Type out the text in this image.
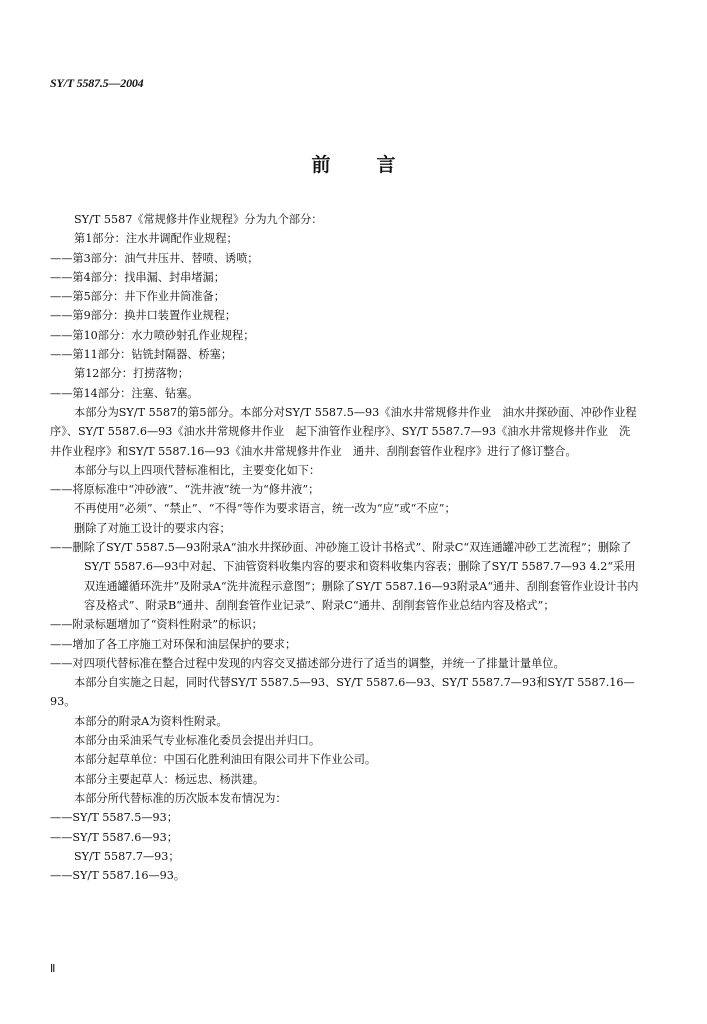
SY/T 5587.5—2004
前言

SY/T 5587《常规修井作业规程》分为九个部分：

第1部分：注水井调配作业规程；

——第3部分：油气井压井、替喷、诱喷；

——第4部分：找串漏、封串堵漏；

——第5部分：井下作业井筒准备；

——第9部分：换井口装置作业规程；

——第10部分：水力喷砂射孔作业规程；

——第11部分：钻铣封隔器、桥塞；

第12部分：打捞落物；

——第14部分：注塞、钻塞。

本部分为SY/T 5587的第5部分。本部分对SY/T 5587.5—93《油水井常规修井作业　油水井探砂面、冲砂作业程序》、SY/T 5587.6—93《油水井常规修井作业　起下油管作业程序》、SY/T 5587.7—93《油水井常规修井作业　洗井作业程序》和SY/T 5587.16—93《油水井常规修井作业　通井、刮削套管作业程序》进行了修订整合。

本部分与以上四项代替标准相比，主要变化如下：

——将原标准中“冲砂液”、“洗井液”统一为“修井液”；

不再使用“必须”、“禁止”、“不得”等作为要求语言，统一改为“应”或“不应”；

删除了对施工设计的要求内容；

——删除了SY/T 5587.5—93附录A“油水井探砂面、冲砂施工设计书格式”、附录C“双连通罐冲砂工艺流程”；删除了SY/T 5587.6—93中对起、下油管资料收集内容的要求和资料收集内容表；删除了SY/T 5587.7—93 4.2“采用双连通罐循环洗井”及附录A“洗井流程示意图”；删除了SY/T 5587.16—93附录A“通井、刮削套管作业设计书内容及格式”、附录B“通井、刮削套管作业记录”、附录C“通井、刮削套管作业总结内容及格式”；

——附录标题增加了“资料性附录”的标识；

——增加了各工序施工对环保和油层保护的要求；

——对四项代替标准在整合过程中发现的内容交叉描述部分进行了适当的调整，并统一了排量计量单位。

本部分自实施之日起，同时代替SY/T 5587.5—93、SY/T 5587.6—93、SY/T 5587.7—93和SY/T 5587.16—93。

本部分的附录A为资料性附录。

本部分由采油采气专业标准化委员会提出并归口。

本部分起草单位：中国石化胜利油田有限公司井下作业公司。

本部分主要起草人：杨远忠、杨洪建。

本部分所代替标准的历次版本发布情况为：

——SY/T 5587.5—93；

——SY/T 5587.6—93；

SY/T 5587.7—93；

——SY/T 5587.16—93。

Ⅱ
